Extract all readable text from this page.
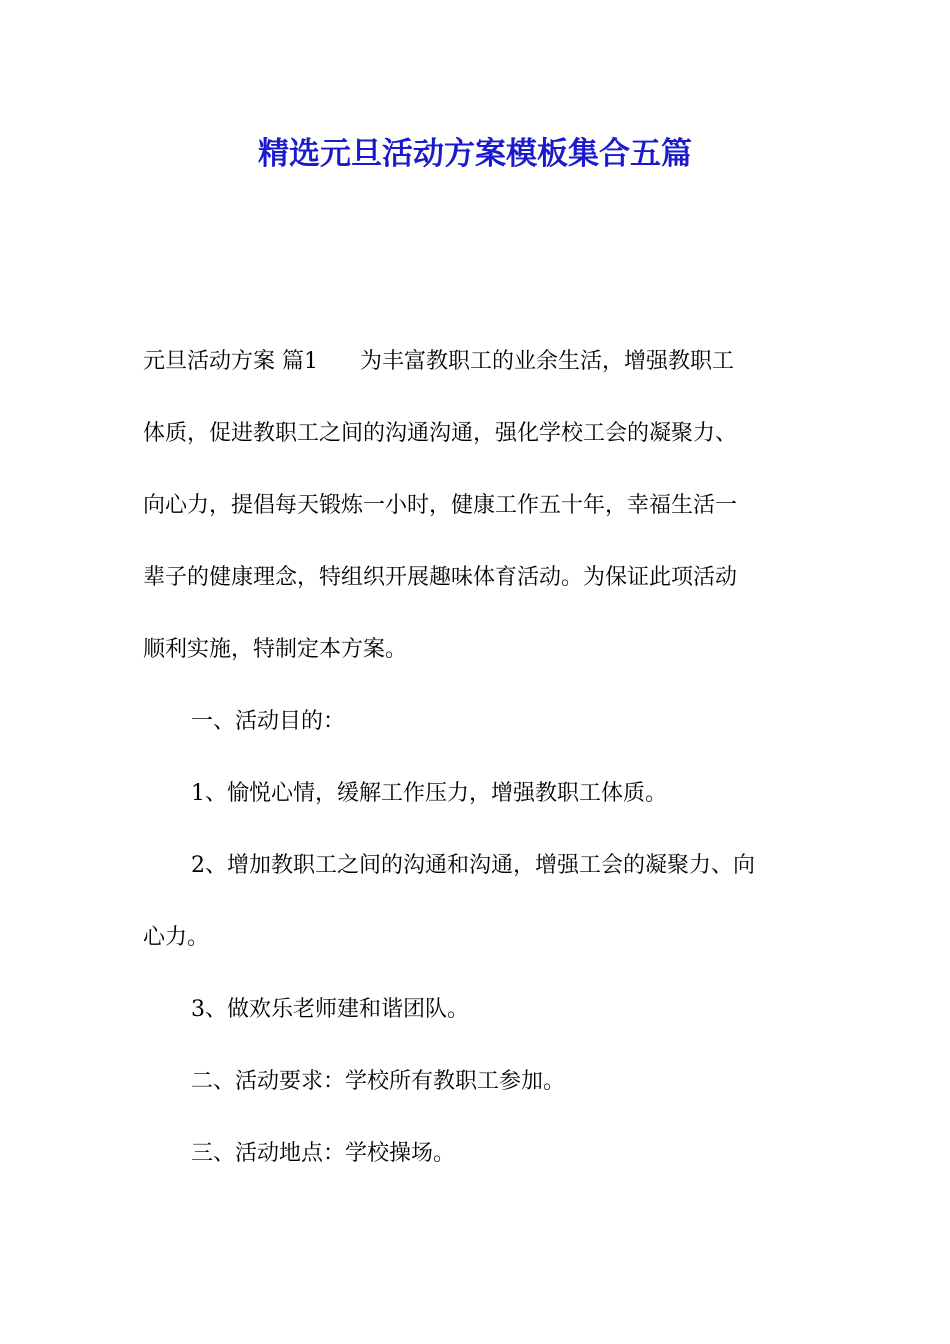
精选元旦活动方案模板集合五篇
元旦活动方案 篇1 为丰富教职工的业余生活，增强教职工
体质，促进教职工之间的沟通沟通，强化学校工会的凝聚力、
向心力，提倡每天锻炼一小时，健康工作五十年，幸福生活一
辈子的健康理念，特组织开展趣味体育活动。为保证此项活动
顺利实施，特制定本方案。
一、活动目的：
1、愉悦心情，缓解工作压力，增强教职工体质。
2、增加教职工之间的沟通和沟通，增强工会的凝聚力、向
心力。
3、做欢乐老师建和谐团队。
二、活动要求：学校所有教职工参加。
三、活动地点：学校操场。
